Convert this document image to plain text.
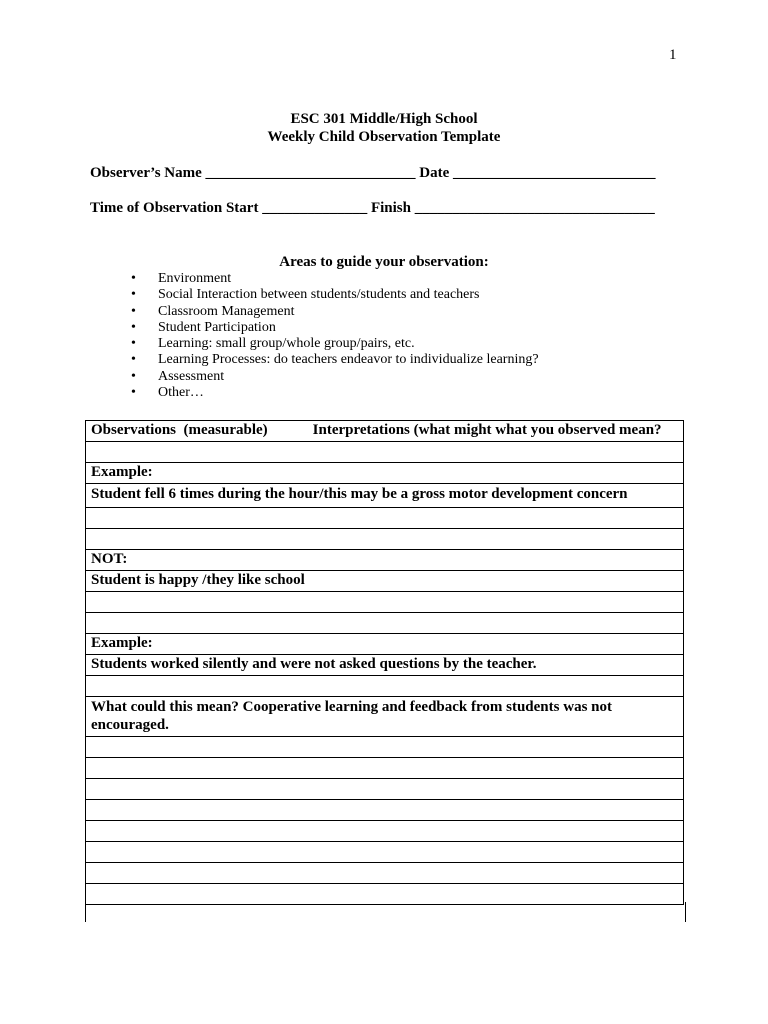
1
ESC 301 Middle/High School
Weekly Child Observation Template
Observer’s Name ____________________________ Date ___________________________
Time of Observation Start ______________ Finish ________________________________
Areas to guide your observation:
• Environment
• Social Interaction between students/students and teachers
• Classroom Management
• Student Participation
• Learning: small group/whole group/pairs, etc.
• Learning Processes: do teachers endeavor to individualize learning?
• Assessment
• Other…
Observations  (measurable)            Interpretations (what might what you observed mean?

Example:
Student fell 6 times during the hour/this may be a gross motor development concern

NOT:
Student is happy /they like school

Example:
Students worked silently and were not asked questions by the teacher.

What could this mean? Cooperative learning and feedback from students was not encouraged.
